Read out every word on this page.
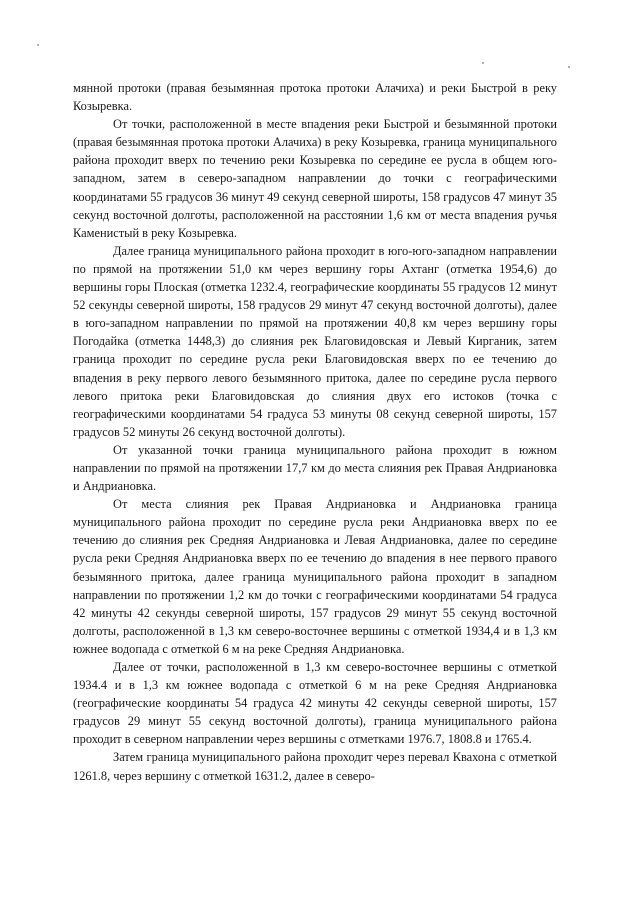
мянной протоки (правая безымянная протока протоки Алачиха) и реки Быстрой в реку Козыревка.

От точки, расположенной в месте впадения реки Быстрой и безымянной протоки (правая безымянная протока протоки Алачиха) в реку Козыревка, граница муниципального района проходит вверх по течению реки Козыревка по середине ее русла в общем юго-западном, затем в северо-западном направлении до точки с географическими координатами 55 градусов 36 минут 49 секунд северной широты, 158 градусов 47 минут 35 секунд восточной долготы, расположенной на расстоянии 1,6 км от места впадения ручья Каменистый в реку Козыревка.

Далее граница муниципального района проходит в юго-юго-западном направлении по прямой на протяжении 51,0 км через вершину горы Ахтанг (отметка 1954,6) до вершины горы Плоская (отметка 1232.4, географические координаты 55 градусов 12 минут 52 секунды северной широты, 158 градусов 29 минут 47 секунд восточной долготы), далее в юго-западном направлении по прямой на протяжении 40,8 км через вершину горы Погодайка (отметка 1448,3) до слияния рек Благовидовская и Левый Кирганик, затем граница проходит по середине русла реки Благовидовская вверх по ее течению до впадения в реку первого левого безымянного притока, далее по середине русла первого левого притока реки Благовидовская до слияния двух его истоков (точка с географическими координатами 54 градуса 53 минуты 08 секунд северной широты, 157 градусов 52 минуты 26 секунд восточной долготы).

От указанной точки граница муниципального района проходит в южном направлении по прямой на протяжении 17,7 км до места слияния рек Правая Андриановка и Андриановка.

От места слияния рек Правая Андриановка и Андриановка граница муниципального района проходит по середине русла реки Андриановка вверх по ее течению до слияния рек Средняя Андриановка и Левая Андриановка, далее по середине русла реки Средняя Андриановка вверх по ее течению до впадения в нее первого правого безымянного притока, далее граница муниципального района проходит в западном направлении по протяжении 1,2 км до точки с географическими координатами 54 градуса 42 минуты 42 секунды северной широты, 157 градусов 29 минут 55 секунд восточной долготы, расположенной в 1,3 км северо-восточнее вершины с отметкой 1934,4 и в 1,3 км южнее водопада с отметкой 6 м на реке Средняя Андриановка.

Далее от точки, расположенной в 1,3 км северо-восточнее вершины с отметкой 1934.4 и в 1,3 км южнее водопада с отметкой 6 м на реке Средняя Андриановка (географические координаты 54 градуса 42 минуты 42 секунды северной широты, 157 градусов 29 минут 55 секунд восточной долготы), граница муниципального района проходит в северном направлении через вершины с отметками 1976.7, 1808.8 и 1765.4.

Затем граница муниципального района проходит через перевал Квахона с отметкой 1261.8, через вершину с отметкой 1631.2, далее в северо-
